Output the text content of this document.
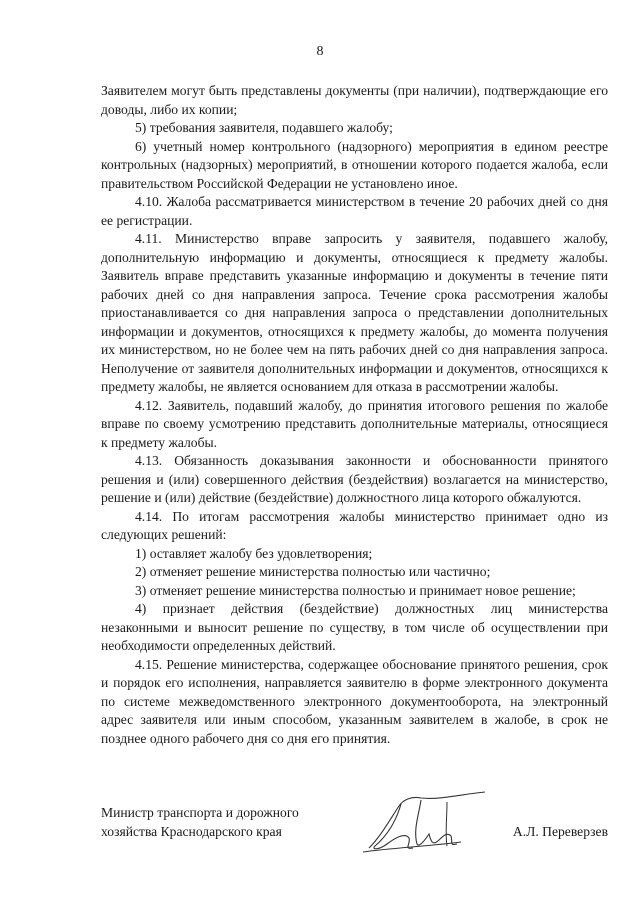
8

Заявителем могут быть представлены документы (при наличии), подтверждающие его доводы, либо их копии;

5) требования заявителя, подавшего жалобу;

6) учетный номер контрольного (надзорного) мероприятия в едином реестре контрольных (надзорных) мероприятий, в отношении которого подается жалоба, если правительством Российской Федерации не установлено иное.

4.10. Жалоба рассматривается министерством в течение 20 рабочих дней со дня ее регистрации.

4.11. Министерство вправе запросить у заявителя, подавшего жалобу, дополнительную информацию и документы, относящиеся к предмету жалобы. Заявитель вправе представить указанные информацию и документы в течение пяти рабочих дней со дня направления запроса. Течение срока рассмотрения жалобы приостанавливается со дня направления запроса о представлении дополнительных информации и документов, относящихся к предмету жалобы, до момента получения их министерством, но не более чем на пять рабочих дней со дня направления запроса. Неполучение от заявителя дополнительных информации и документов, относящихся к предмету жалобы, не является основанием для отказа в рассмотрении жалобы.

4.12. Заявитель, подавший жалобу, до принятия итогового решения по жалобе вправе по своему усмотрению представить дополнительные материалы, относящиеся к предмету жалобы.

4.13. Обязанность доказывания законности и обоснованности принятого решения и (или) совершенного действия (бездействия) возлагается на министерство, решение и (или) действие (бездействие) должностного лица которого обжалуются.

4.14. По итогам рассмотрения жалобы министерство принимает одно из следующих решений:

1) оставляет жалобу без удовлетворения;

2) отменяет решение министерства полностью или частично;

3) отменяет решение министерства полностью и принимает новое решение;

4) признает действия (бездействие) должностных лиц министерства незаконными и выносит решение по существу, в том числе об осуществлении при необходимости определенных действий.

4.15. Решение министерства, содержащее обоснование принятого решения, срок и порядок его исполнения, направляется заявителю в форме электронного документа по системе межведомственного электронного документооборота, на электронный адрес заявителя или иным способом, указанным заявителем в жалобе, в срок не позднее одного рабочего дня со дня его принятия.

Министр транспорта и дорожного
хозяйства Краснодарского края	А.Л. Переверзев
